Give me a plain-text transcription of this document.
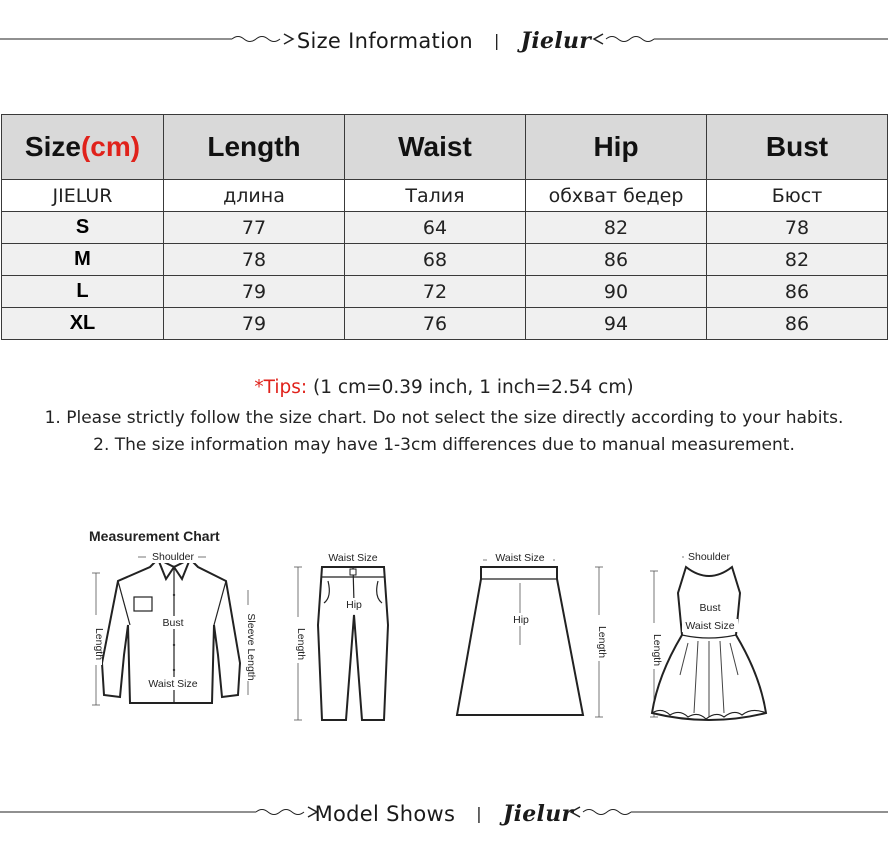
Size Information | Jielur
Size(cm)	Length	Waist	Hip	Bust
JIELUR	длина	Талия	обхват бедер	Бюст
S	77	64	82	78
M	78	68	86	82
L	79	72	90	86
XL	79	76	94	86
*Tips: (1 cm=0.39 inch, 1 inch=2.54 cm)
1. Please strictly follow the size chart. Do not select the size directly according to your habits.
2. The size information may have 1-3cm differences due to manual measurement.
Measurement Chart
Shoulder
Bust
Waist Size
Length	Sleeve Length
Waist Size
Hip
Length
Waist Size
Hip
Length
Shoulder
Bust
Waist Size
Length
Model Shows | Jielur
